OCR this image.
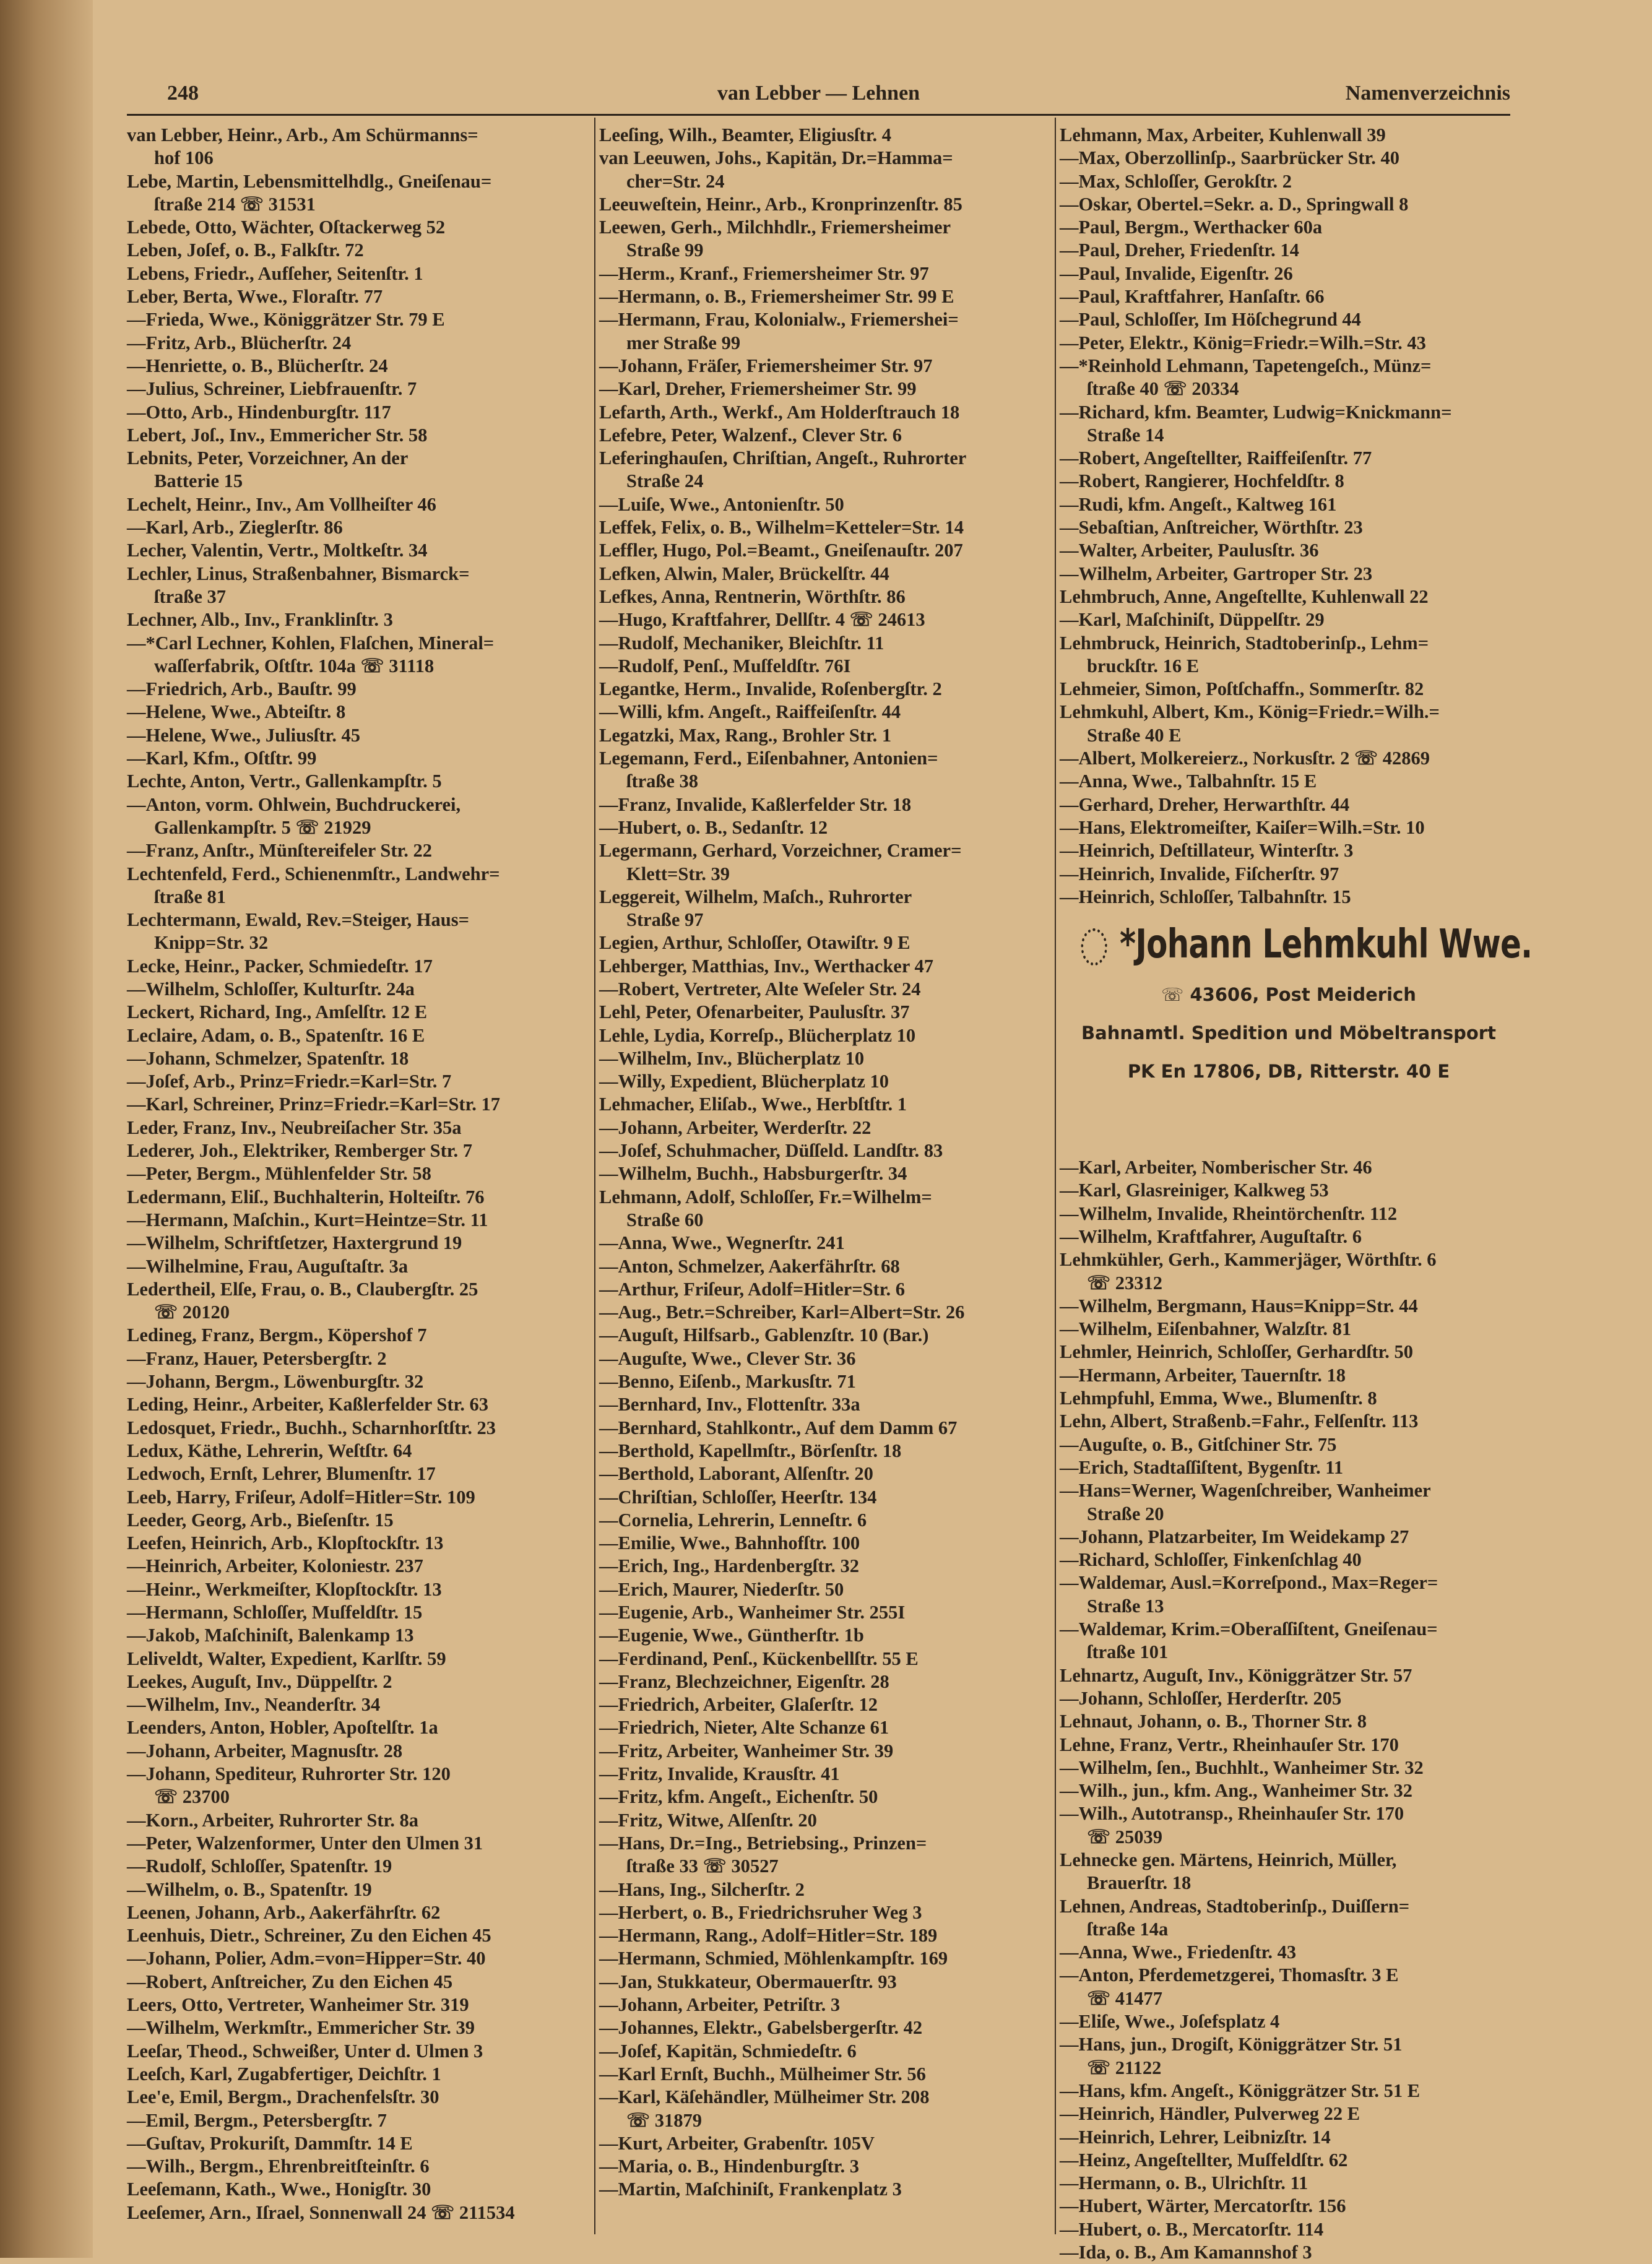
248	van Lebber — Lehnen	Namenverzeichnis
van Lebber, Heinr., Arb., Am Schürmanns=
hof 106
Lebe, Martin, Lebensmittelhdlg., Gneiſenau=
ſtraße 214 ☏ 31531
Lebede, Otto, Wächter, Oſtackerweg 52
Leben, Joſef, o. B., Falkſtr. 72
Lebens, Friedr., Aufſeher, Seitenſtr. 1
Leber, Berta, Wwe., Floraſtr. 77
—Frieda, Wwe., Königgrätzer Str. 79 E
—Fritz, Arb., Blücherſtr. 24
—Henriette, o. B., Blücherſtr. 24
—Julius, Schreiner, Liebfrauenſtr. 7
—Otto, Arb., Hindenburgſtr. 117
Lebert, Joſ., Inv., Emmericher Str. 58
Lebnits, Peter, Vorzeichner, An der
Batterie 15
Lechelt, Heinr., Inv., Am Vollheiſter 46
—Karl, Arb., Zieglerſtr. 86
Lecher, Valentin, Vertr., Moltkeſtr. 34
Lechler, Linus, Straßenbahner, Bismarck=
ſtraße 37
Lechner, Alb., Inv., Franklinſtr. 3
—*Carl Lechner, Kohlen, Flaſchen, Mineral=
waſſerfabrik, Oſtſtr. 104a ☏ 31118
—Friedrich, Arb., Bauſtr. 99
—Helene, Wwe., Abteiſtr. 8
—Helene, Wwe., Juliusſtr. 45
—Karl, Kfm., Oſtſtr. 99
Lechte, Anton, Vertr., Gallenkampſtr. 5
—Anton, vorm. Ohlwein, Buchdruckerei,
Gallenkampſtr. 5 ☏ 21929
—Franz, Anſtr., Münſtereifeler Str. 22
Lechtenfeld, Ferd., Schienenmſtr., Landwehr=
ſtraße 81
Lechtermann, Ewald, Rev.=Steiger, Haus=
Knipp=Str. 32
Lecke, Heinr., Packer, Schmiedeſtr. 17
—Wilhelm, Schloſſer, Kulturſtr. 24a
Leckert, Richard, Ing., Amſelſtr. 12 E
Leclaire, Adam, o. B., Spatenſtr. 16 E
—Johann, Schmelzer, Spatenſtr. 18
—Joſef, Arb., Prinz=Friedr.=Karl=Str. 7
—Karl, Schreiner, Prinz=Friedr.=Karl=Str. 17
Leder, Franz, Inv., Neubreiſacher Str. 35a
Lederer, Joh., Elektriker, Remberger Str. 7
—Peter, Bergm., Mühlenfelder Str. 58
Ledermann, Eliſ., Buchhalterin, Holteiſtr. 76
—Hermann, Maſchin., Kurt=Heintze=Str. 11
—Wilhelm, Schriftſetzer, Haxtergrund 19
—Wilhelmine, Frau, Auguſtaſtr. 3a
Ledertheil, Elſe, Frau, o. B., Claubergſtr. 25
☏ 20120
Ledineg, Franz, Bergm., Köpershof 7
—Franz, Hauer, Petersbergſtr. 2
—Johann, Bergm., Löwenburgſtr. 32
Leding, Heinr., Arbeiter, Kaßlerfelder Str. 63
Ledosquet, Friedr., Buchh., Scharnhorſtſtr. 23
Ledux, Käthe, Lehrerin, Weſtſtr. 64
Ledwoch, Ernſt, Lehrer, Blumenſtr. 17
Leeb, Harry, Friſeur, Adolf=Hitler=Str. 109
Leeder, Georg, Arb., Bieſenſtr. 15
Leefen, Heinrich, Arb., Klopſtockſtr. 13
—Heinrich, Arbeiter, Koloniestr. 237
—Heinr., Werkmeiſter, Klopſtockſtr. 13
—Hermann, Schloſſer, Muſfeldſtr. 15
—Jakob, Maſchiniſt, Balenkamp 13
Leliveldt, Walter, Expedient, Karlſtr. 59
Leekes, Auguſt, Inv., Düppelſtr. 2
—Wilhelm, Inv., Neanderſtr. 34
Leenders, Anton, Hobler, Apoſtelſtr. 1a
—Johann, Arbeiter, Magnusſtr. 28
—Johann, Spediteur, Ruhrorter Str. 120
☏ 23700
—Korn., Arbeiter, Ruhrorter Str. 8a
—Peter, Walzenformer, Unter den Ulmen 31
—Rudolf, Schloſſer, Spatenſtr. 19
—Wilhelm, o. B., Spatenſtr. 19
Leenen, Johann, Arb., Aakerfährſtr. 62
Leenhuis, Dietr., Schreiner, Zu den Eichen 45
—Johann, Polier, Adm.=von=Hipper=Str. 40
—Robert, Anſtreicher, Zu den Eichen 45
Leers, Otto, Vertreter, Wanheimer Str. 319
—Wilhelm, Werkmſtr., Emmericher Str. 39
Leeſar, Theod., Schweißer, Unter d. Ulmen 3
Leeſch, Karl, Zugabfertiger, Deichſtr. 1
Lee'e, Emil, Bergm., Drachenfelsſtr. 30
—Emil, Bergm., Petersbergſtr. 7
—Guſtav, Prokuriſt, Dammſtr. 14 E
—Wilh., Bergm., Ehrenbreitſteinſtr. 6
Leeſemann, Kath., Wwe., Honigſtr. 30
Leeſemer, Arn., Iſrael, Sonnenwall 24 ☏ 211534
Leeſing, Wilh., Beamter, Eligiusſtr. 4
van Leeuwen, Johs., Kapitän, Dr.=Hamma=
cher=Str. 24
Leeuweſtein, Heinr., Arb., Kronprinzenſtr. 85
Leewen, Gerh., Milchhdlr., Friemersheimer
Straße 99
—Herm., Kranf., Friemersheimer Str. 97
—Hermann, o. B., Friemersheimer Str. 99 E
—Hermann, Frau, Kolonialw., Friemershei=
mer Straße 99
—Johann, Fräſer, Friemersheimer Str. 97
—Karl, Dreher, Friemersheimer Str. 99
Lefarth, Arth., Werkf., Am Holderſtrauch 18
Lefebre, Peter, Walzenf., Clever Str. 6
Leferinghauſen, Chriſtian, Angeſt., Ruhrorter
Straße 24
—Luiſe, Wwe., Antonienſtr. 50
Leffek, Felix, o. B., Wilhelm=Ketteler=Str. 14
Leffler, Hugo, Pol.=Beamt., Gneiſenauſtr. 207
Lefken, Alwin, Maler, Brückelſtr. 44
Lefkes, Anna, Rentnerin, Wörthſtr. 86
—Hugo, Kraftfahrer, Dellſtr. 4 ☏ 24613
—Rudolf, Mechaniker, Bleichſtr. 11
—Rudolf, Penſ., Muſfeldſtr. 76I
Legantke, Herm., Invalide, Roſenbergſtr. 2
—Willi, kfm. Angeſt., Raiffeiſenſtr. 44
Legatzki, Max, Rang., Brohler Str. 1
Legemann, Ferd., Eiſenbahner, Antonien=
ſtraße 38
—Franz, Invalide, Kaßlerfelder Str. 18
—Hubert, o. B., Sedanſtr. 12
Legermann, Gerhard, Vorzeichner, Cramer=
Klett=Str. 39
Leggereit, Wilhelm, Maſch., Ruhrorter
Straße 97
Legien, Arthur, Schloſſer, Otawiſtr. 9 E
Lehberger, Matthias, Inv., Werthacker 47
—Robert, Vertreter, Alte Weſeler Str. 24
Lehl, Peter, Ofenarbeiter, Paulusſtr. 37
Lehle, Lydia, Korreſp., Blücherplatz 10
—Wilhelm, Inv., Blücherplatz 10
—Willy, Expedient, Blücherplatz 10
Lehmacher, Eliſab., Wwe., Herbſtſtr. 1
—Johann, Arbeiter, Werderſtr. 22
—Joſef, Schuhmacher, Düſſeld. Landſtr. 83
—Wilhelm, Buchh., Habsburgerſtr. 34
Lehmann, Adolf, Schloſſer, Fr.=Wilhelm=
Straße 60
—Anna, Wwe., Wegnerſtr. 241
—Anton, Schmelzer, Aakerfährſtr. 68
—Arthur, Friſeur, Adolf=Hitler=Str. 6
—Aug., Betr.=Schreiber, Karl=Albert=Str. 26
—Auguſt, Hilfsarb., Gablenzſtr. 10 (Bar.)
—Auguſte, Wwe., Clever Str. 36
—Benno, Eiſenb., Markusſtr. 71
—Bernhard, Inv., Flottenſtr. 33a
—Bernhard, Stahlkontr., Auf dem Damm 67
—Berthold, Kapellmſtr., Börſenſtr. 18
—Berthold, Laborant, Alſenſtr. 20
—Chriſtian, Schloſſer, Heerſtr. 134
—Cornelia, Lehrerin, Lenneſtr. 6
—Emilie, Wwe., Bahnhofſtr. 100
—Erich, Ing., Hardenbergſtr. 32
—Erich, Maurer, Niederſtr. 50
—Eugenie, Arb., Wanheimer Str. 255I
—Eugenie, Wwe., Güntherſtr. 1b
—Ferdinand, Penſ., Kückenbellſtr. 55 E
—Franz, Blechzeichner, Eigenſtr. 28
—Friedrich, Arbeiter, Glaſerſtr. 12
—Friedrich, Nieter, Alte Schanze 61
—Fritz, Arbeiter, Wanheimer Str. 39
—Fritz, Invalide, Krausſtr. 41
—Fritz, kfm. Angeſt., Eichenſtr. 50
—Fritz, Witwe, Alſenſtr. 20
—Hans, Dr.=Ing., Betriebsing., Prinzen=
ſtraße 33 ☏ 30527
—Hans, Ing., Silcherſtr. 2
—Herbert, o. B., Friedrichsruher Weg 3
—Hermann, Rang., Adolf=Hitler=Str. 189
—Hermann, Schmied, Möhlenkampſtr. 169
—Jan, Stukkateur, Obermauerſtr. 93
—Johann, Arbeiter, Petriſtr. 3
—Johannes, Elektr., Gabelsbergerſtr. 42
—Joſef, Kapitän, Schmiedeſtr. 6
—Karl Ernſt, Buchh., Mülheimer Str. 56
—Karl, Käſehändler, Mülheimer Str. 208
☏ 31879
—Kurt, Arbeiter, Grabenſtr. 105V
—Maria, o. B., Hindenburgſtr. 3
—Martin, Maſchiniſt, Frankenplatz 3
Lehmann, Max, Arbeiter, Kuhlenwall 39
—Max, Oberzollinſp., Saarbrücker Str. 40
—Max, Schloſſer, Gerokſtr. 2
—Oskar, Obertel.=Sekr. a. D., Springwall 8
—Paul, Bergm., Werthacker 60a
—Paul, Dreher, Friedenſtr. 14
—Paul, Invalide, Eigenſtr. 26
—Paul, Kraftfahrer, Hanſaſtr. 66
—Paul, Schloſſer, Im Höſchegrund 44
—Peter, Elektr., König=Friedr.=Wilh.=Str. 43
—*Reinhold Lehmann, Tapetengeſch., Münz=
ſtraße 40 ☏ 20334
—Richard, kfm. Beamter, Ludwig=Knickmann=
Straße 14
—Robert, Angeſtellter, Raiffeiſenſtr. 77
—Robert, Rangierer, Hochfeldſtr. 8
—Rudi, kfm. Angeſt., Kaltweg 161
—Sebaſtian, Anſtreicher, Wörthſtr. 23
—Walter, Arbeiter, Paulusſtr. 36
—Wilhelm, Arbeiter, Gartroper Str. 23
Lehmbruch, Anne, Angeſtellte, Kuhlenwall 22
—Karl, Maſchiniſt, Düppelſtr. 29
Lehmbruck, Heinrich, Stadtoberinſp., Lehm=
bruckſtr. 16 E
Lehmeier, Simon, Poſtſchaffn., Sommerſtr. 82
Lehmkuhl, Albert, Km., König=Friedr.=Wilh.=
Straße 40 E
—Albert, Molkereierz., Norkusſtr. 2 ☏ 42869
—Anna, Wwe., Talbahnſtr. 15 E
—Gerhard, Dreher, Herwarthſtr. 44
—Hans, Elektromeiſter, Kaiſer=Wilh.=Str. 10
—Heinrich, Deſtillateur, Winterſtr. 3
—Heinrich, Invalide, Fiſcherſtr. 97
—Heinrich, Schloſſer, Talbahnſtr. 15
*Johann Lehmkuhl Wwe.
☏ 43606, Post Meiderich
Bahnamtl. Spedition und Möbeltransport
PK En 17806, DB, Ritterstr. 40 E
—Karl, Arbeiter, Nomberischer Str. 46
—Karl, Glasreiniger, Kalkweg 53
—Wilhelm, Invalide, Rheintörchenſtr. 112
—Wilhelm, Kraftfahrer, Auguſtaſtr. 6
Lehmkühler, Gerh., Kammerjäger, Wörthſtr. 6
☏ 23312
—Wilhelm, Bergmann, Haus=Knipp=Str. 44
—Wilhelm, Eiſenbahner, Walzſtr. 81
Lehmler, Heinrich, Schloſſer, Gerhardſtr. 50
—Hermann, Arbeiter, Tauernſtr. 18
Lehmpfuhl, Emma, Wwe., Blumenſtr. 8
Lehn, Albert, Straßenb.=Fahr., Felſenſtr. 113
—Auguſte, o. B., Gitſchiner Str. 75
—Erich, Stadtaſſiſtent, Bygenſtr. 11
—Hans=Werner, Wagenſchreiber, Wanheimer
Straße 20
—Johann, Platzarbeiter, Im Weidekamp 27
—Richard, Schloſſer, Finkenſchlag 40
—Waldemar, Ausl.=Korreſpond., Max=Reger=
Straße 13
—Waldemar, Krim.=Oberaſſiſtent, Gneiſenau=
ſtraße 101
Lehnartz, Auguſt, Inv., Königgrätzer Str. 57
—Johann, Schloſſer, Herderſtr. 205
Lehnaut, Johann, o. B., Thorner Str. 8
Lehne, Franz, Vertr., Rheinhauſer Str. 170
—Wilhelm, ſen., Buchhlt., Wanheimer Str. 32
—Wilh., jun., kfm. Ang., Wanheimer Str. 32
—Wilh., Autotransp., Rheinhauſer Str. 170
☏ 25039
Lehnecke gen. Märtens, Heinrich, Müller,
Brauerſtr. 18
Lehnen, Andreas, Stadtoberinſp., Duiſſern=
ſtraße 14a
—Anna, Wwe., Friedenſtr. 43
—Anton, Pferdemetzgerei, Thomasſtr. 3 E
☏ 41477
—Eliſe, Wwe., Joſefsplatz 4
—Hans, jun., Drogiſt, Königgrätzer Str. 51
☏ 21122
—Hans, kfm. Angeſt., Königgrätzer Str. 51 E
—Heinrich, Händler, Pulverweg 22 E
—Heinrich, Lehrer, Leibnizſtr. 14
—Heinz, Angeſtellter, Muſfeldſtr. 62
—Hermann, o. B., Ulrichſtr. 11
—Hubert, Wärter, Mercatorſtr. 156
—Hubert, o. B., Mercatorſtr. 114
—Ida, o. B., Am Kamannshof 3
